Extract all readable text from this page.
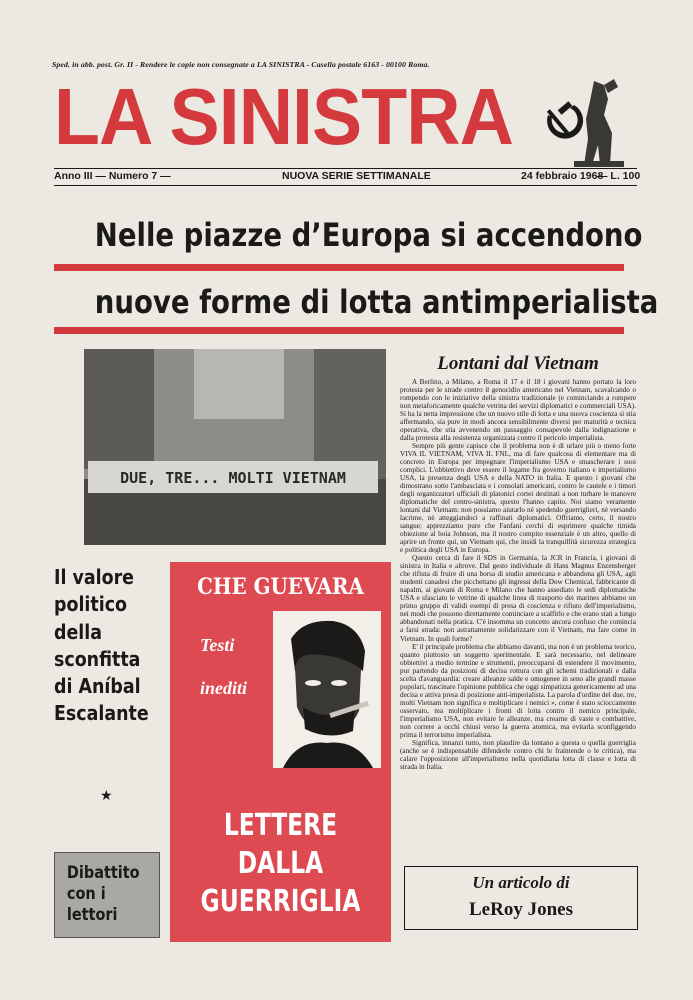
Sped. in abb. post. Gr. II - Rendere le copie non consegnate a LA SINISTRA - Casella postale 6163 - 00100 Roma.
LA SINISTRA
Anno III — Numero 7 —	NUOVA SERIE SETTIMANALE	24 febbraio 1968
— L. 100
Nelle piazze d’Europa si accendono
nuove forme di lotta antimperialista
DUE, TRE... MOLTI VIETNAM
Lontani dal Vietnam

A Berlino, a Milano, a Roma il 17 e il 18 i giovani hanno portato la loro protesta per le strade contro il genocidio americano nel Vietnam, scavalcando o rompendo con le iniziative della sinistra tradizionale (e cominciando a rompere non metaforicamente qualche vetrina dei servizi diplomatici e commerciali USA). Si ha la netta impressione che un nuovo stile di lotta e una nuova coscienza si stia affermando, sia pure in modi ancora sensibilmente diversi per maturità e tecnica operativa, che stia avvenendo un passaggio consapevole dalla indignazione e dalla protesta alla resistenza organizzata contro il pericolo imperialista.

Sempre più gente capisce che il problema non è di urlare più o meno forte VIVA IL VIETNAM, VIVA IL FNL, ma di fare qualcosa di elementare ma di concreto in Europa per impegnare l'imperialismo USA e smascherare i suoi complici. L'obbiettivo deve essere il legame fra governo italiano e imperialismo USA, la presenza degli USA e della NATO in Italia. E questo i giovani che dimostrano sotto l'ambasciata e i consolati americani, contro le cautele e i timori degli organizzatori ufficiali di platonici cortei destinati a non turbare le manovre diplomatiche del centro-sinistra, questo l'hanno capito. Noi siamo veramente lontani dal Vietnam: non possiamo aiutarlo nè spedendo guerriglieri, nè versando lacrime, nè atteggiandoci a raffinati diplomatici. Offriamo, certo, il nostro sangue; apprezziamo pure che Fanfani cerchi di esprimere qualche timida obiezione al boia Johnson, ma il nostro compito essenziale è un altro, quello di aprire un fronte qui, un Vietnam qui, che insidi la tranquillità sicurezza strategica e politica degli USA in Europa.

Questo cerca di fare il SDS in Germania, la JCR in Francia, i giovani di sinistra in Italia e altrove. Dal gesto individuale di Hans Magnus Enzensberger che rifiuta di fruire di una borsa di studio americana e abbandona gli USA, agli studenti canadesi che picchettano gli ingressi della Dow Chemical, fabbricante di napalm, ai giovani di Roma e Milano che hanno assediato le sedi diplomatiche USA e sfasciato le vetrine di qualche linea di trasporto dei marines abbiamo un primo gruppo di validi esempi di presa di coscienza e rifiuto dell'imperialismo, nei modi che possono direttamente cominciare a scalfirlo e che erano stati a lungo abbandonati nella pratica. C'è insomma un concetto ancora confuso che comincia a farsi strada: non astrattamente solidarizzare con il Vietnam, ma fare come in Vietnam. In quali forme?

E' il principale problema che abbiamo davanti, ma non è un problema teorico, quanto piuttosto un soggetto sperimentale. E sarà necessario, nel delineare obbiettivi a medio termine e strumenti, preoccuparsi di estendere il movimento, pur partendo da posizioni di decisa rottura con gli schemi tradizionali e dalla scelta d'avanguardia: creare alleanze salde e omogenee in seno alle grandi masse popolari, trascinare l'opinione pubblica che oggi simpatizza genericamente ad una decisa e attiva presa di posizione anti-imperialista. La parola d'ordine del due, tre, molti Vietnam non significa e moltiplicare i nemici », come è stato scioccamente osservato, ma moltiplicare i fronti di lotta contro il nemico principale, l'imperialismo USA, non evitare le alleanze, ma crearne di vaste e combattive, non correre a occhi chiusi verso la guerra atomica, ma evitarla sconfiggendo prima il terrorismo imperialista.

Significa, innanzi tutto, non plaudire da lontano a questa o quella guerriglia (anche se è indispensabile difenderle contro chi le fraintende o le critica), ma calare l'opposizione all'imperialismo nella quotidiana lotta di classe e lotta di strada in Italia.

Il valore
politico
della
sconfitta
di Aníbal
Escalante
★
Dibattito
con i
lettori
CHE GUEVARA
Testi
inediti
LETTERE
DALLA
GUERRIGLIA
Un articolo di
LeRoy Jones
